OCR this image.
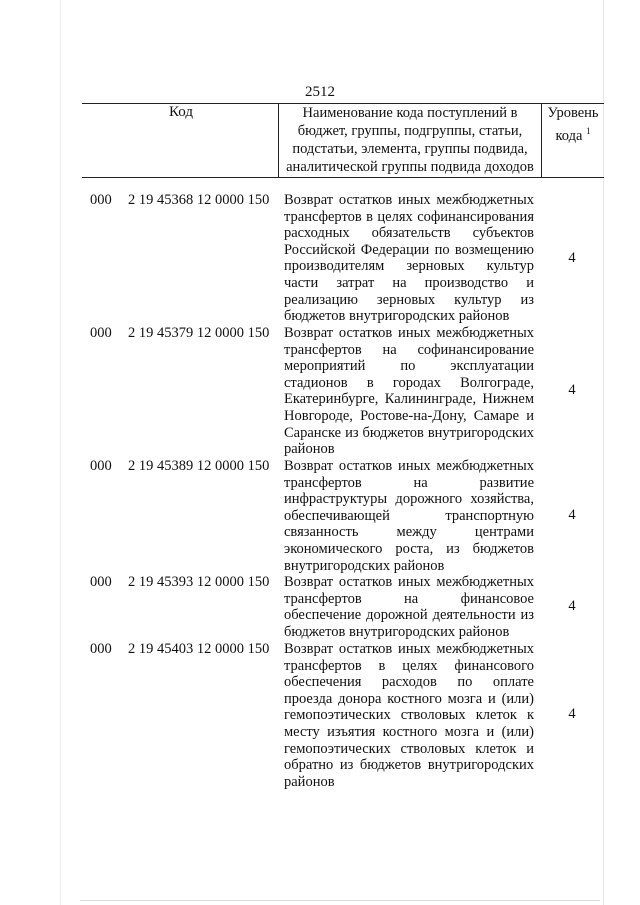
2512
Код	Наименование кода поступлений в
бюджет, группы, подгруппы, статьи,
подстатьи, элемента, группы подвида,
аналитической группы подвида доходов
Уровень
кода $^1$
000 2 19 45368 12 0000 150 Возврат остатков иных межбюджетных трансфертов в целях софинансирования расходных обязательств субъектов Российской Федерации по возмещению производителям зерновых культур части затрат на производство и реализацию зерновых культур из бюджетов внутригородских районов
4
000 2 19 45379 12 0000 150 Возврат остатков иных межбюджетных трансфертов на софинансирование мероприятий по эксплуатации стадионов в городах Волгограде, Екатеринбурге, Калининграде, Нижнем Новгороде, Ростове-на-Дону, Самаре и Саранске из бюджетов внутригородских районов
4
000 2 19 45389 12 0000 150 Возврат остатков иных межбюджетных трансфертов на развитие инфраструктуры дорожного хозяйства, обеспечивающей транспортную связанность между центрами экономического роста, из бюджетов внутригородских районов
4
000 2 19 45393 12 0000 150 Возврат остатков иных межбюджетных трансфертов на финансовое обеспечение дорожной деятельности из бюджетов внутригородских районов
4
000 2 19 45403 12 0000 150 Возврат остатков иных межбюджетных трансфертов в целях финансового обеспечения расходов по оплате проезда донора костного мозга и (или) гемопоэтических стволовых клеток к месту изъятия костного мозга и (или) гемопоэтических стволовых клеток и обратно из бюджетов внутригородских районов
4
